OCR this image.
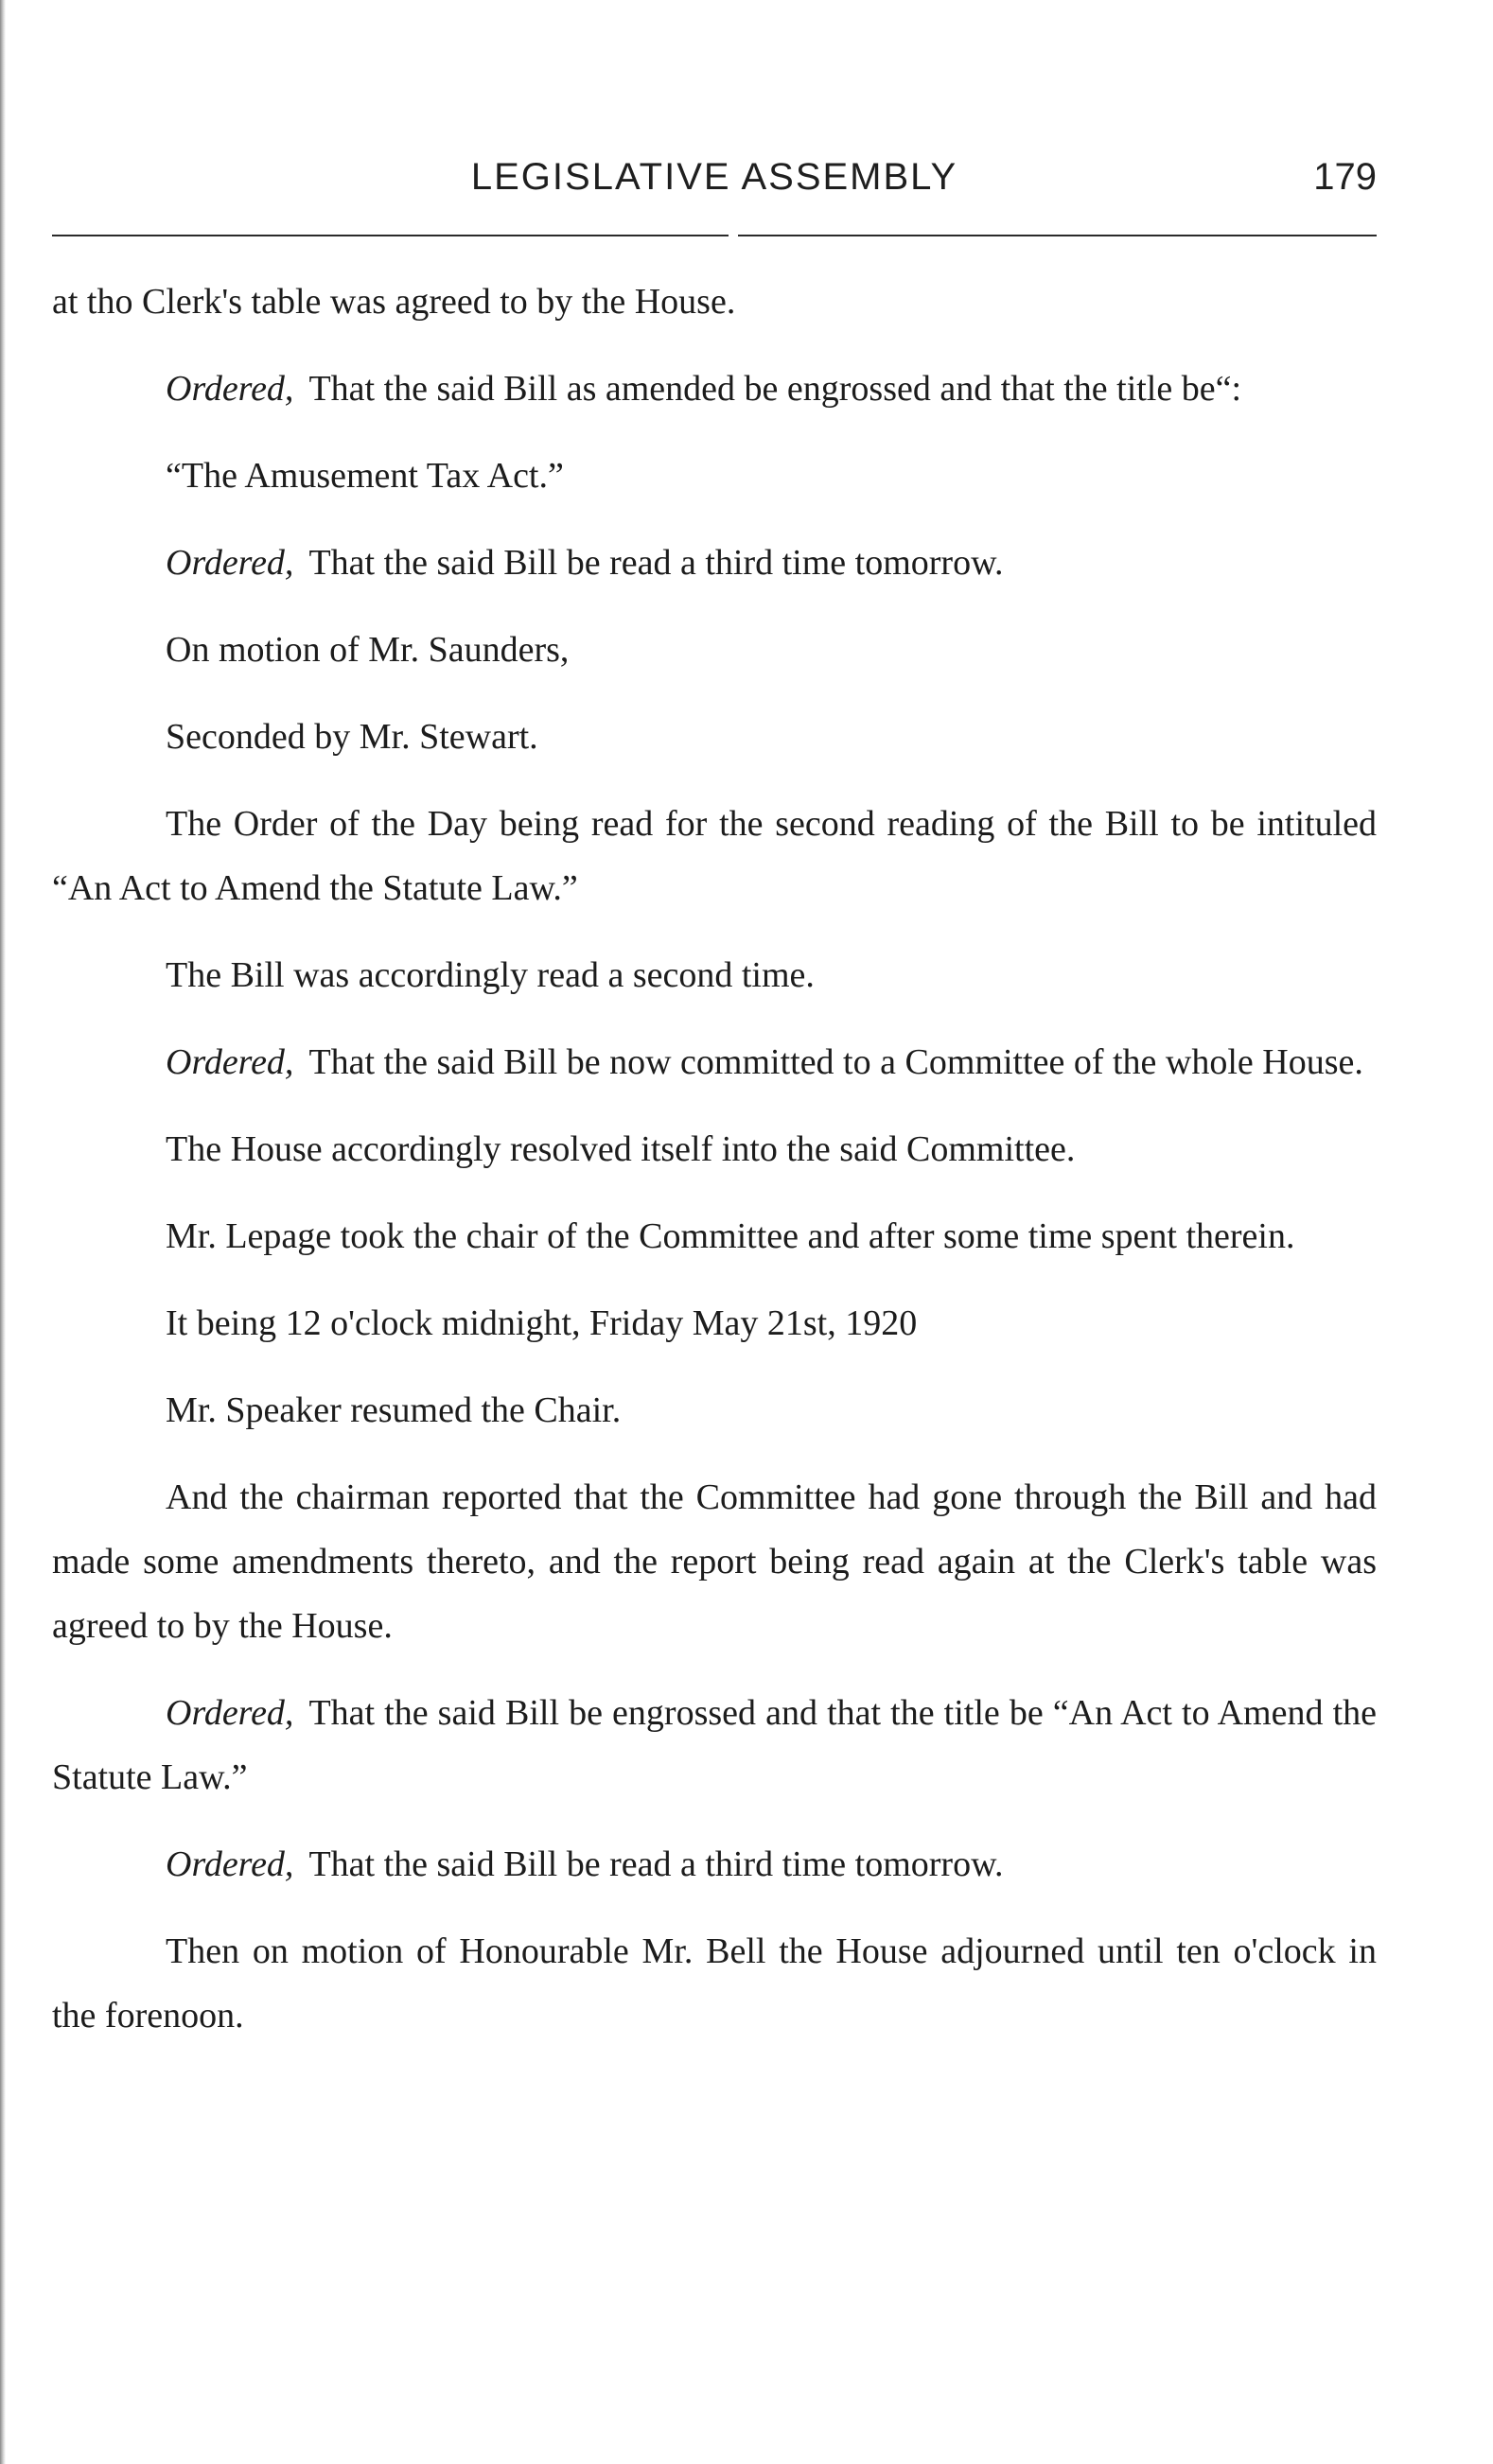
LEGISLATIVE ASSEMBLY	179

at tho Clerk's table was agreed to by the House.

Ordered, That the said Bill as amended be engrossed and that the title be“:

“The Amusement Tax Act.”

Ordered, That the said Bill be read a third time tomorrow.

On motion of Mr. Saunders,

Seconded by Mr. Stewart.

The Order of the Day being read for the second reading of the Bill to be intituled “An Act to Amend the Statute Law.”

The Bill was accordingly read a second time.

Ordered, That the said Bill be now committed to a Committee of the whole House.

The House accordingly resolved itself into the said Committee.

Mr. Lepage took the chair of the Committee and after some time spent therein.

It being 12 o'clock midnight, Friday May 21st, 1920

Mr. Speaker resumed the Chair.

And the chairman reported that the Committee had gone through the Bill and had made some amendments thereto, and the report being read again at the Clerk's table was agreed to by the House.

Ordered, That the said Bill be engrossed and that the title be “An Act to Amend the Statute Law.”

Ordered, That the said Bill be read a third time tomorrow.

Then on motion of Honourable Mr. Bell the House adjourned until ten o'clock in the forenoon.
